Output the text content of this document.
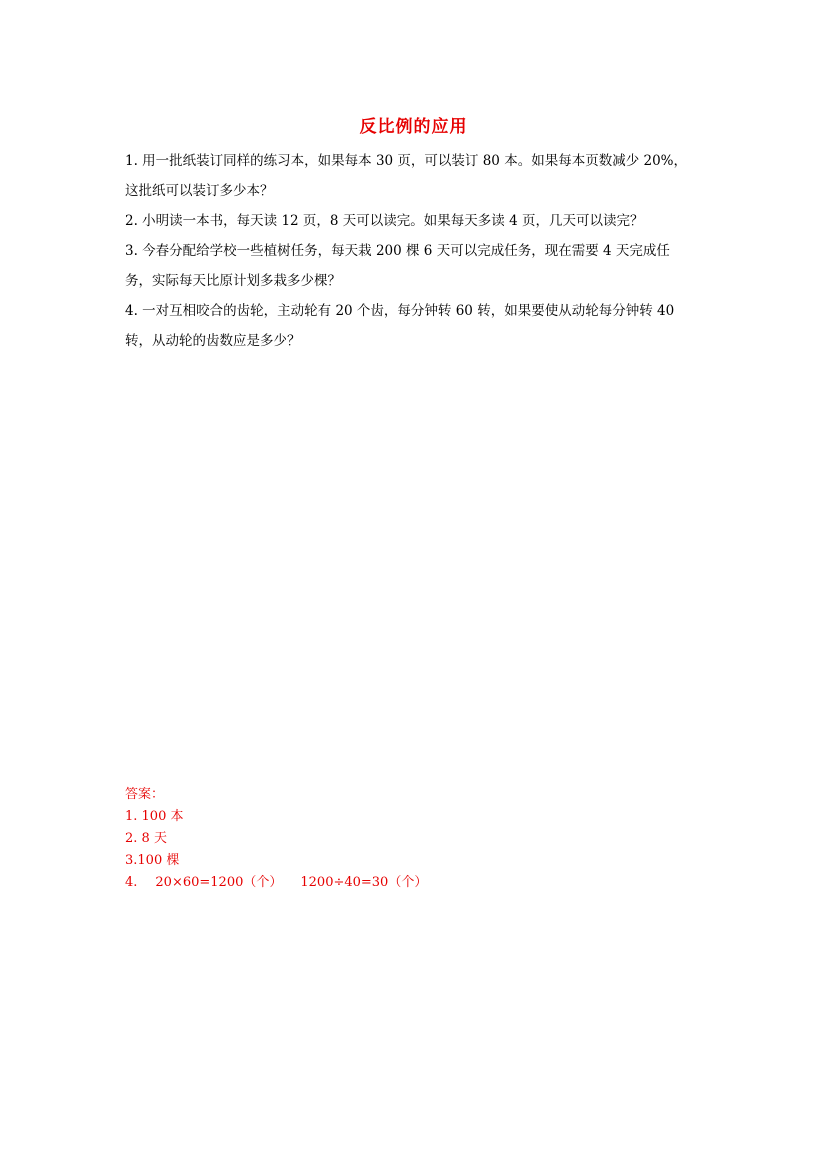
反比例的应用
1. 用一批纸装订同样的练习本，如果每本 30 页，可以装订 80 本。如果每本页数减少 20%，
这批纸可以装订多少本？
2. 小明读一本书，每天读 12 页，8 天可以读完。如果每天多读 4 页，几天可以读完？
3. 今春分配给学校一些植树任务，每天栽 200 棵 6 天可以完成任务，现在需要 4 天完成任
务，实际每天比原计划多栽多少棵？
4. 一对互相咬合的齿轮，主动轮有 20 个齿，每分钟转 60 转，如果要使从动轮每分钟转 40
转，从动轮的齿数应是多少？

答案：

1. 100 本

2. 8 天

3.100 棵

4. 20×60=1200（个） 1200÷40=30（个）
